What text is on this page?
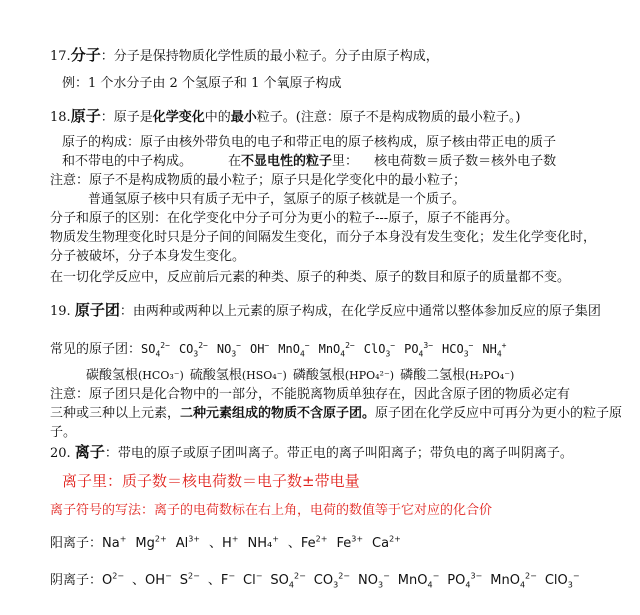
17.分子：分子是保持物质化学性质的最小粒子。分子由原子构成，
例：1 个水分子由 2 个氢原子和 1 个氧原子构成
18.原子：原子是化学变化中的最小粒子。(注意：原子不是构成物质的最小粒子。)
原子的构成：原子由核外带负电的电子和带正电的原子核构成，原子核由带正电的质子
和不带电的中子构成。	在不显电性的粒子里： 核电荷数＝质子数＝核外电子数
注意：原子不是构成物质的最小粒子；原子只是化学变化中的最小粒子；
普通氢原子核中只有质子无中子，氢原子的原子核就是一个质子。
分子和原子的区别：在化学变化中分子可分为更小的粒子---原子，原子不能再分。
物质发生物理变化时只是分子间的间隔发生变化，而分子本身没有发生变化；发生化学变化时，
分子被破坏，分子本身发生变化。
在一切化学反应中，反应前后元素的种类、原子的种类、原子的数目和原子的质量都不变。
19. 原子团：由两种或两种以上元素的原子构成，在化学反应中通常以整体参加反应的原子集团
常见的原子团：$SO_4^{2-}$ $CO_3^{2-}$ $NO_3^-$ OH− MnO$_4$− MnO$_4^{2-}$ ClO$_3$− $PO_4^{3-}$ $HCO_3^-$ $NH_4^+$
碳酸氢根(HCO₃⁻) 硫酸氢根(HSO₄⁻) 磷酸氢根(HPO₄²⁻) 磷酸二氢根(H₂PO₄⁻)
注意：原子团只是化合物中的一部分，不能脱离物质单独存在，因此含原子团的物质必定有
三种或三种以上元素，二种元素组成的物质不含原子团。原子团在化学反应中可再分为更小的粒子原
子。
20. 离子：带电的原子或原子团叫离子。带正电的离子叫阳离子；带负电的离子叫阴离子。
离子里：质子数＝核电荷数＝电子数±带电量
离子符号的写法：离子的电荷数标在右上角，电荷的数值等于它对应的化合价
阳离子：Na+ $Mg^{2+}$ $Al^{3+}$ 、H+ NH₄+ 、$Fe^{2+}$ $Fe^{3+}$ $Ca^{2+}$
阴离子：$O^{2-}$ 、OH− $S^{2-}$ 、F− Cl− $SO_4^{2-}$ $CO_3^{2-}$ $NO_3^-$ MnO$_4$− $PO_4^{3-}$ MnO$_4^{2-}$ ClO$_3$−
